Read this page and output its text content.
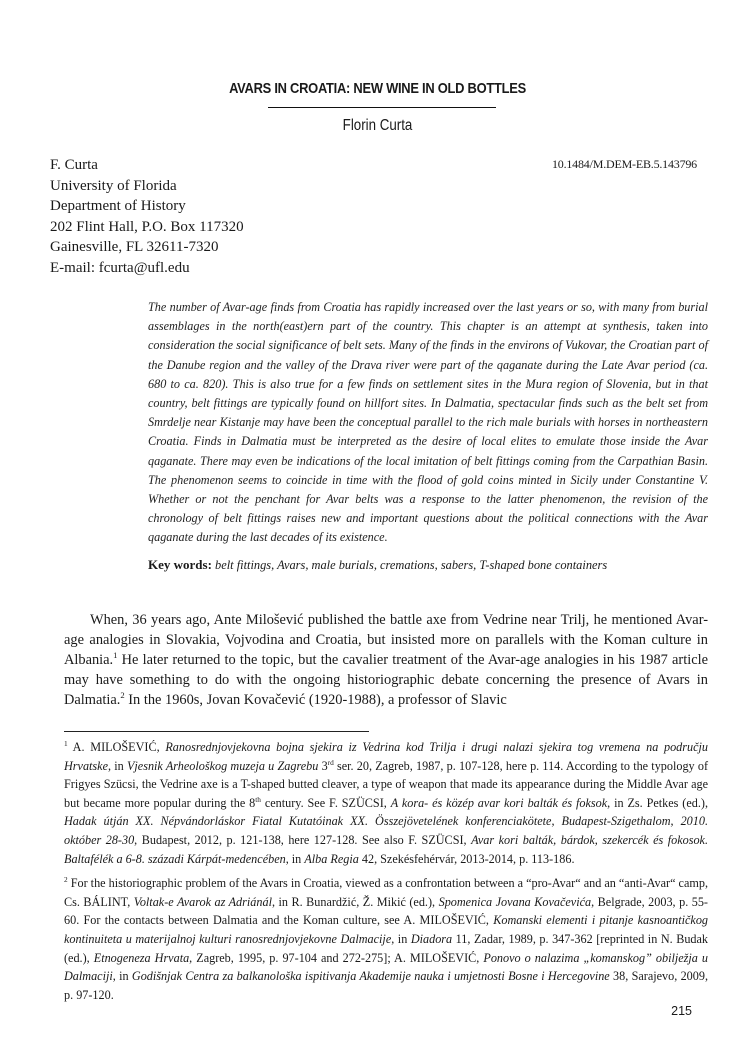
AVARS IN CROATIA: NEW WINE IN OLD BOTTLES
Florin Curta
F. Curta
University of Florida
Department of History
202 Flint Hall, P.O. Box 117320
Gainesville, FL 32611-7320
E-mail: fcurta@ufl.edu
10.1484/M.DEM-EB.5.143796
The number of Avar-age finds from Croatia has rapidly increased over the last years or so, with many from burial assemblages in the north(east)ern part of the country. This chapter is an attempt at synthesis, taken into consideration the social significance of belt sets. Many of the finds in the environs of Vukovar, the Croatian part of the Danube region and the valley of the Drava river were part of the qaganate during the Late Avar period (ca. 680 to ca. 820). This is also true for a few finds on settlement sites in the Mura region of Slovenia, but in that country, belt fittings are typically found on hillfort sites. In Dalmatia, spectacular finds such as the belt set from Smrdelje near Kistanje may have been the conceptual parallel to the rich male burials with horses in northeastern Croatia. Finds in Dalmatia must be interpreted as the desire of local elites to emulate those inside the Avar qaganate. There may even be indications of the local imitation of belt fittings coming from the Carpathian Basin. The phenomenon seems to coincide in time with the flood of gold coins minted in Sicily under Constantine V. Whether or not the penchant for Avar belts was a response to the latter phenomenon, the revision of the chronology of belt fittings raises new and important questions about the political connections with the Avar qaganate during the last decades of its existence.
Key words: belt fittings, Avars, male burials, cremations, sabers, T-shaped bone containers
When, 36 years ago, Ante Milošević published the battle axe from Vedrine near Trilj, he mentioned Avar-age analogies in Slovakia, Vojvodina and Croatia, but insisted more on parallels with the Koman culture in Albania.$^1$ He later returned to the topic, but the cavalier treatment of the Avar-age analogies in his 1987 article may have something to do with the ongoing historiographic debate concerning the presence of Avars in Dalmatia.$^2$ In the 1960s, Jovan Kovačević (1920-1988), a professor of Slavic

$^1$ A. MILOŠEVIĆ, Ranosrednjovjekovna bojna sjekira iz Vedrina kod Trilja i drugi nalazi sjekira tog vremena na području Hrvatske, in Vjesnik Arheološkog muzeja u Zagrebu 3rd ser. 20, Zagreb, 1987, p. 107-128, here p. 114. According to the typology of Frigyes Szücsi, the Vedrine axe is a T-shaped butted cleaver, a type of weapon that made its appearance during the Middle Avar age but became more popular during the 8th century. See F. SZÜCSI, A kora- és közép avar kori balták és foksok, in Zs. Petkes (ed.), Hadak útján XX. Népvándorláskor Fiatal Kutatóinak XX. Összejövetelének konferenciakötete, Budapest-Szigethalom, 2010. október 28-30, Budapest, 2012, p. 121-138, here 127-128. See also F. SZÜCSI, Avar kori balták, bárdok, szekercék és fokosok. Baltafélék a 6-8. századi Kárpát-medencében, in Alba Regia 42, Szekésfehérvár, 2013-2014, p. 113-186.

$^2$ For the historiographic problem of the Avars in Croatia, viewed as a confrontation between a “pro-Avar“ and an “anti-Avar“ camp, Cs. BÁLINT, Voltak-e Avarok az Adriánál, in R. Bunardžić, Ž. Mikić (ed.), Spomenica Jovana Kovačevića, Belgrade, 2003, p. 55-60. For the contacts between Dalmatia and the Koman culture, see A. MILOŠEVIĆ, Komanski elementi i pitanje kasnoantičkog kontinuiteta u materijalnoj kulturi ranosrednjovjekovne Dalmacije, in Diadora 11, Zadar, 1989, p. 347-362 [reprinted in N. Budak (ed.), Etnogeneza Hrvata, Zagreb, 1995, p. 97-104 and 272-275]; A. MILOŠEVIĆ, Ponovo o nalazima „komanskog” obilježja u Dalmaciji, in Godišnjak Centra za balkanološka ispitivanja Akademije nauka i umjetnosti Bosne i Hercegovine 38, Sarajevo, 2009, p. 97-120.

215
